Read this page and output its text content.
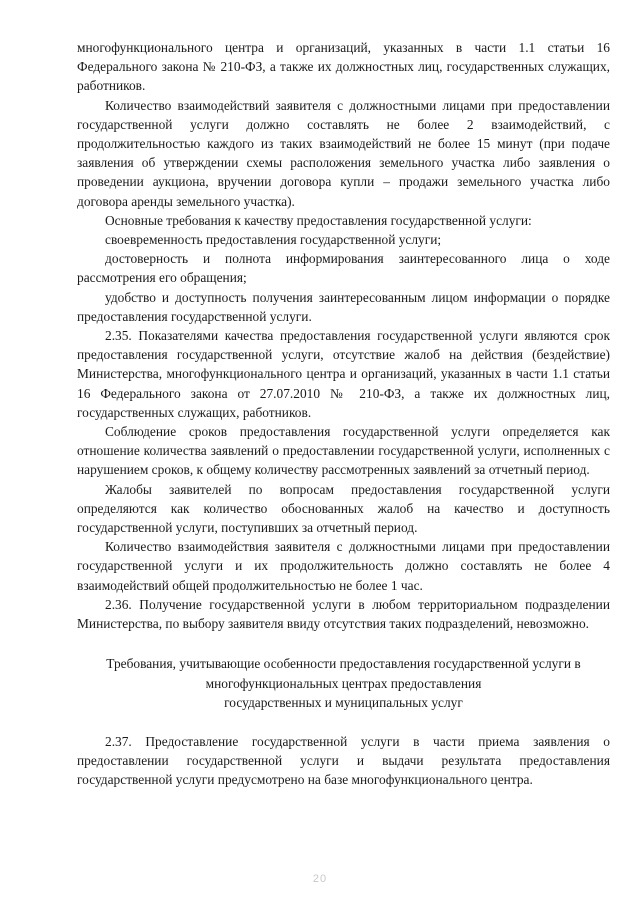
многофункционального центра и организаций, указанных в части 1.1 статьи 16 Федерального закона № 210-ФЗ, а также их должностных лиц, государственных служащих, работников.

Количество взаимодействий заявителя с должностными лицами при предоставлении государственной услуги должно составлять не более 2 взаимодействий, с продолжительностью каждого из таких взаимодействий не более 15 минут (при подаче заявления об утверждении схемы расположения земельного участка либо заявления о проведении аукциона, вручении договора купли – продажи земельного участка либо договора аренды земельного участка).

Основные требования к качеству предоставления государственной услуги:

своевременность предоставления государственной услуги;

достоверность и полнота информирования заинтересованного лица о ходе рассмотрения его обращения;

удобство и доступность получения заинтересованным лицом информации о порядке предоставления государственной услуги.

2.35. Показателями качества предоставления государственной услуги являются срок предоставления государственной услуги, отсутствие жалоб на действия (бездействие) Министерства, многофункционального центра и организаций, указанных в части 1.1 статьи 16 Федерального закона от 27.07.2010 № 210-ФЗ, а также их должностных лиц, государственных служащих, работников.

Соблюдение сроков предоставления государственной услуги определяется как отношение количества заявлений о предоставлении государственной услуги, исполненных с нарушением сроков, к общему количеству рассмотренных заявлений за отчетный период.

Жалобы заявителей по вопросам предоставления государственной услуги определяются как количество обоснованных жалоб на качество и доступность государственной услуги, поступивших за отчетный период.

Количество взаимодействия заявителя с должностными лицами при предоставлении государственной услуги и их продолжительность должно составлять не более 4 взаимодействий общей продолжительностью не более 1 час.

2.36. Получение государственной услуги в любом территориальном подразделении Министерства, по выбору заявителя ввиду отсутствия таких подразделений, невозможно.

Требования, учитывающие особенности предоставления государственной услуги в

многофункциональных центрах предоставления

государственных и муниципальных услуг

2.37. Предоставление государственной услуги в части приема заявления о предоставлении государственной услуги и выдачи результата предоставления государственной услуги предусмотрено на базе многофункционального центра.

20
